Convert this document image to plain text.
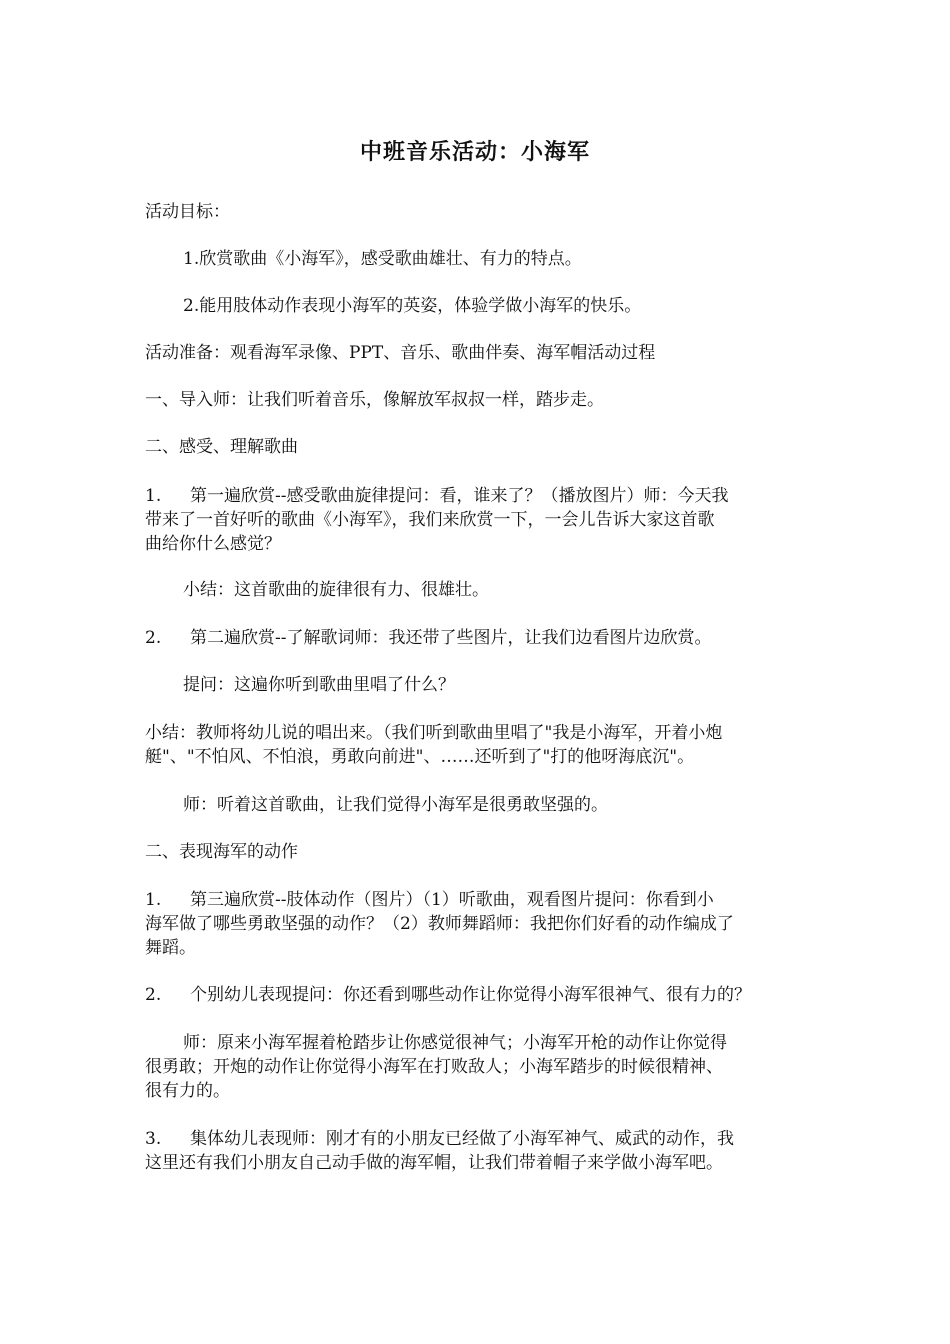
中班音乐活动：小海军
活动目标：
1.欣赏歌曲《小海军》，感受歌曲雄壮、有力的特点。
2.能用肢体动作表现小海军的英姿，体验学做小海军的快乐。
活动准备：观看海军录像、PPT、音乐、歌曲伴奏、海军帽活动过程
一、导入师：让我们听着音乐，像解放军叔叔一样，踏步走。
二、感受、理解歌曲
1. 第一遍欣赏--感受歌曲旋律提问：看，谁来了？（播放图片）师：今天我
带来了一首好听的歌曲《小海军》，我们来欣赏一下，一会儿告诉大家这首歌
曲给你什么感觉？
小结：这首歌曲的旋律很有力、很雄壮。
2. 第二遍欣赏--了解歌词师：我还带了些图片，让我们边看图片边欣赏。
提问：这遍你听到歌曲里唱了什么？
小结：教师将幼儿说的唱出来。（我们听到歌曲里唱了"我是小海军，开着小炮
艇"、"不怕风、不怕浪，勇敢向前进"、……还听到了"打的他呀海底沉"。
师：听着这首歌曲，让我们觉得小海军是很勇敢坚强的。
二、表现海军的动作
1. 第三遍欣赏--肢体动作（图片）（1）听歌曲，观看图片提问：你看到小
海军做了哪些勇敢坚强的动作？（2）教师舞蹈师：我把你们好看的动作编成了
舞蹈。
2. 个别幼儿表现提问：你还看到哪些动作让你觉得小海军很神气、很有力的？
师：原来小海军握着枪踏步让你感觉很神气；小海军开枪的动作让你觉得
很勇敢；开炮的动作让你觉得小海军在打败敌人；小海军踏步的时候很精神、
很有力的。
3. 集体幼儿表现师：刚才有的小朋友已经做了小海军神气、威武的动作，我
这里还有我们小朋友自己动手做的海军帽，让我们带着帽子来学做小海军吧。
